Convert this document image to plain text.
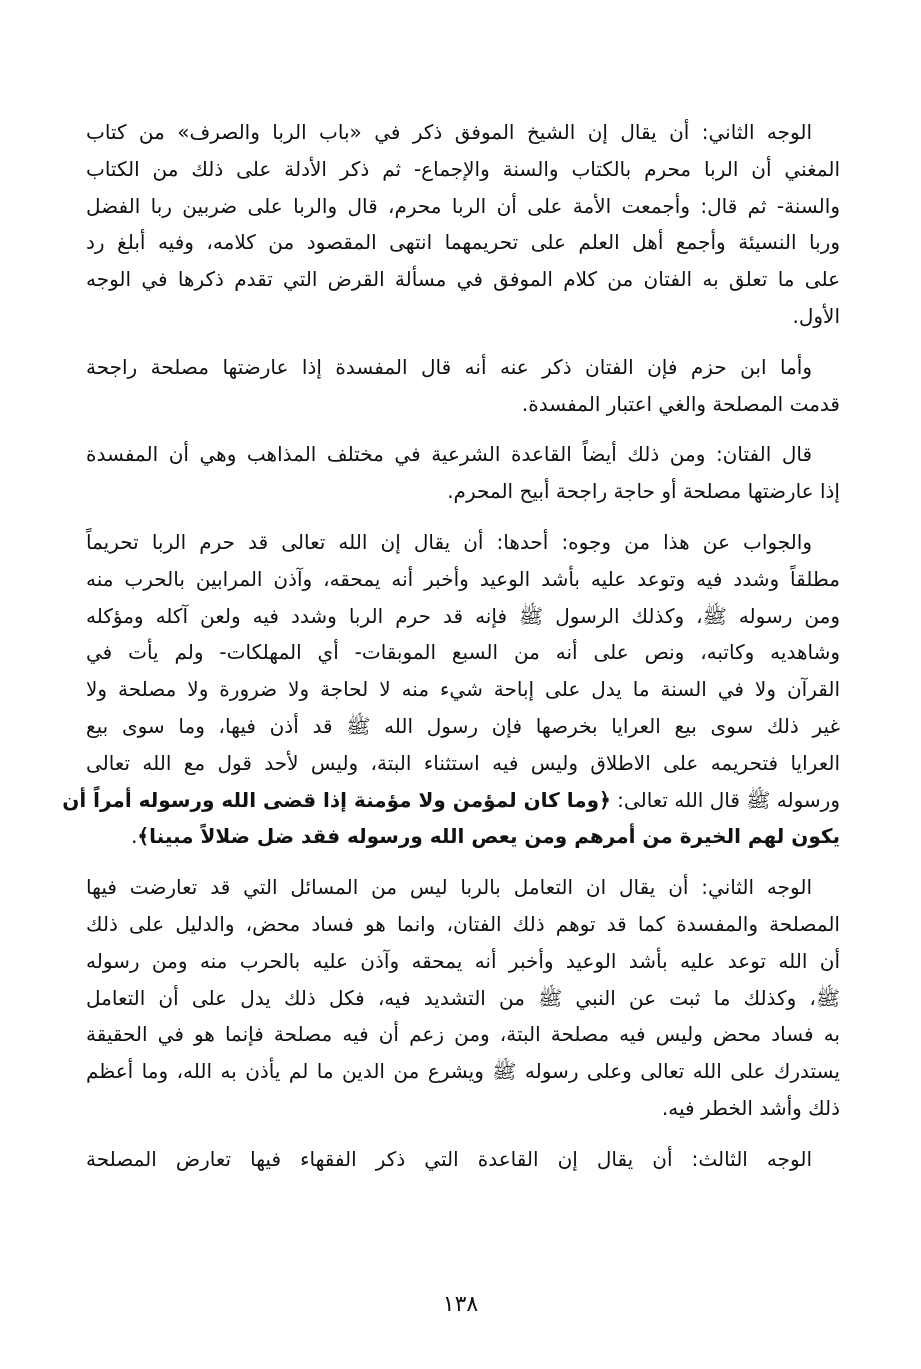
الوجه الثاني: أن يقال إن الشيخ الموفق ذكر في «باب الربا والصرف» من كتاب
المغني أن الربا محرم بالكتاب والسنة والإجماع- ثم ذكر الأدلة على ذلك من الكتاب
والسنة- ثم قال: وأجمعت الأمة على أن الربا محرم، قال والربا على ضربين ربا الفضل
وربا النسيئة وأجمع أهل العلم على تحريمهما انتهى المقصود من كلامه، وفيه أبلغ رد
على ما تعلق به الفتان من كلام الموفق في مسألة القرض التي تقدم ذكرها في الوجه
الأول.
وأما ابن حزم فإن الفتان ذكر عنه أنه قال المفسدة إذا عارضتها مصلحة راجحة
قدمت المصلحة والغي اعتبار المفسدة.
قال الفتان: ومن ذلك أيضاً القاعدة الشرعية في مختلف المذاهب وهي أن المفسدة
إذا عارضتها مصلحة أو حاجة راجحة أبيح المحرم.
والجواب عن هذا من وجوه: أحدها: أن يقال إن الله تعالى قد حرم الربا تحريماً
مطلقاً وشدد فيه وتوعد عليه بأشد الوعيد وأخبر أنه يمحقه، وآذن المرابين بالحرب منه
ومن رسوله ﷺ، وكذلك الرسول ﷺ فإنه قد حرم الربا وشدد فيه ولعن آكله ومؤكله
وشاهديه وكاتبه، ونص على أنه من السبع الموبقات- أي المهلكات- ولم يأت في
القرآن ولا في السنة ما يدل على إباحة شيء منه لا لحاجة ولا ضرورة ولا مصلحة ولا
غير ذلك سوى بيع العرايا بخرصها فإن رسول الله ﷺ قد أذن فيها، وما سوى بيع
العرايا فتحريمه على الاطلاق وليس فيه استثناء البتة، وليس لأحد قول مع الله تعالى
ورسوله ﷺ قال الله تعالى: ﴿وما كان لمؤمن ولا مؤمنة إذا قضى الله ورسوله أمراً أن
يكون لهم الخيرة من أمرهم ومن يعص الله ورسوله فقد ضل ضلالاً مبينا﴾.
الوجه الثاني: أن يقال ان التعامل بالربا ليس من المسائل التي قد تعارضت فيها
المصلحة والمفسدة كما قد توهم ذلك الفتان، وانما هو فساد محض، والدليل على ذلك
أن الله توعد عليه بأشد الوعيد وأخبر أنه يمحقه وآذن عليه بالحرب منه ومن رسوله
ﷺ، وكذلك ما ثبت عن النبي ﷺ من التشديد فيه، فكل ذلك يدل على أن التعامل
به فساد محض وليس فيه مصلحة البتة، ومن زعم أن فيه مصلحة فإنما هو في الحقيقة
يستدرك على الله تعالى وعلى رسوله ﷺ ويشرع من الدين ما لم يأذن به الله، وما أعظم
ذلك وأشد الخطر فيه.
الوجه الثالث: أن يقال إن القاعدة التي ذكر الفقهاء فيها تعارض المصلحة
١٣٨
